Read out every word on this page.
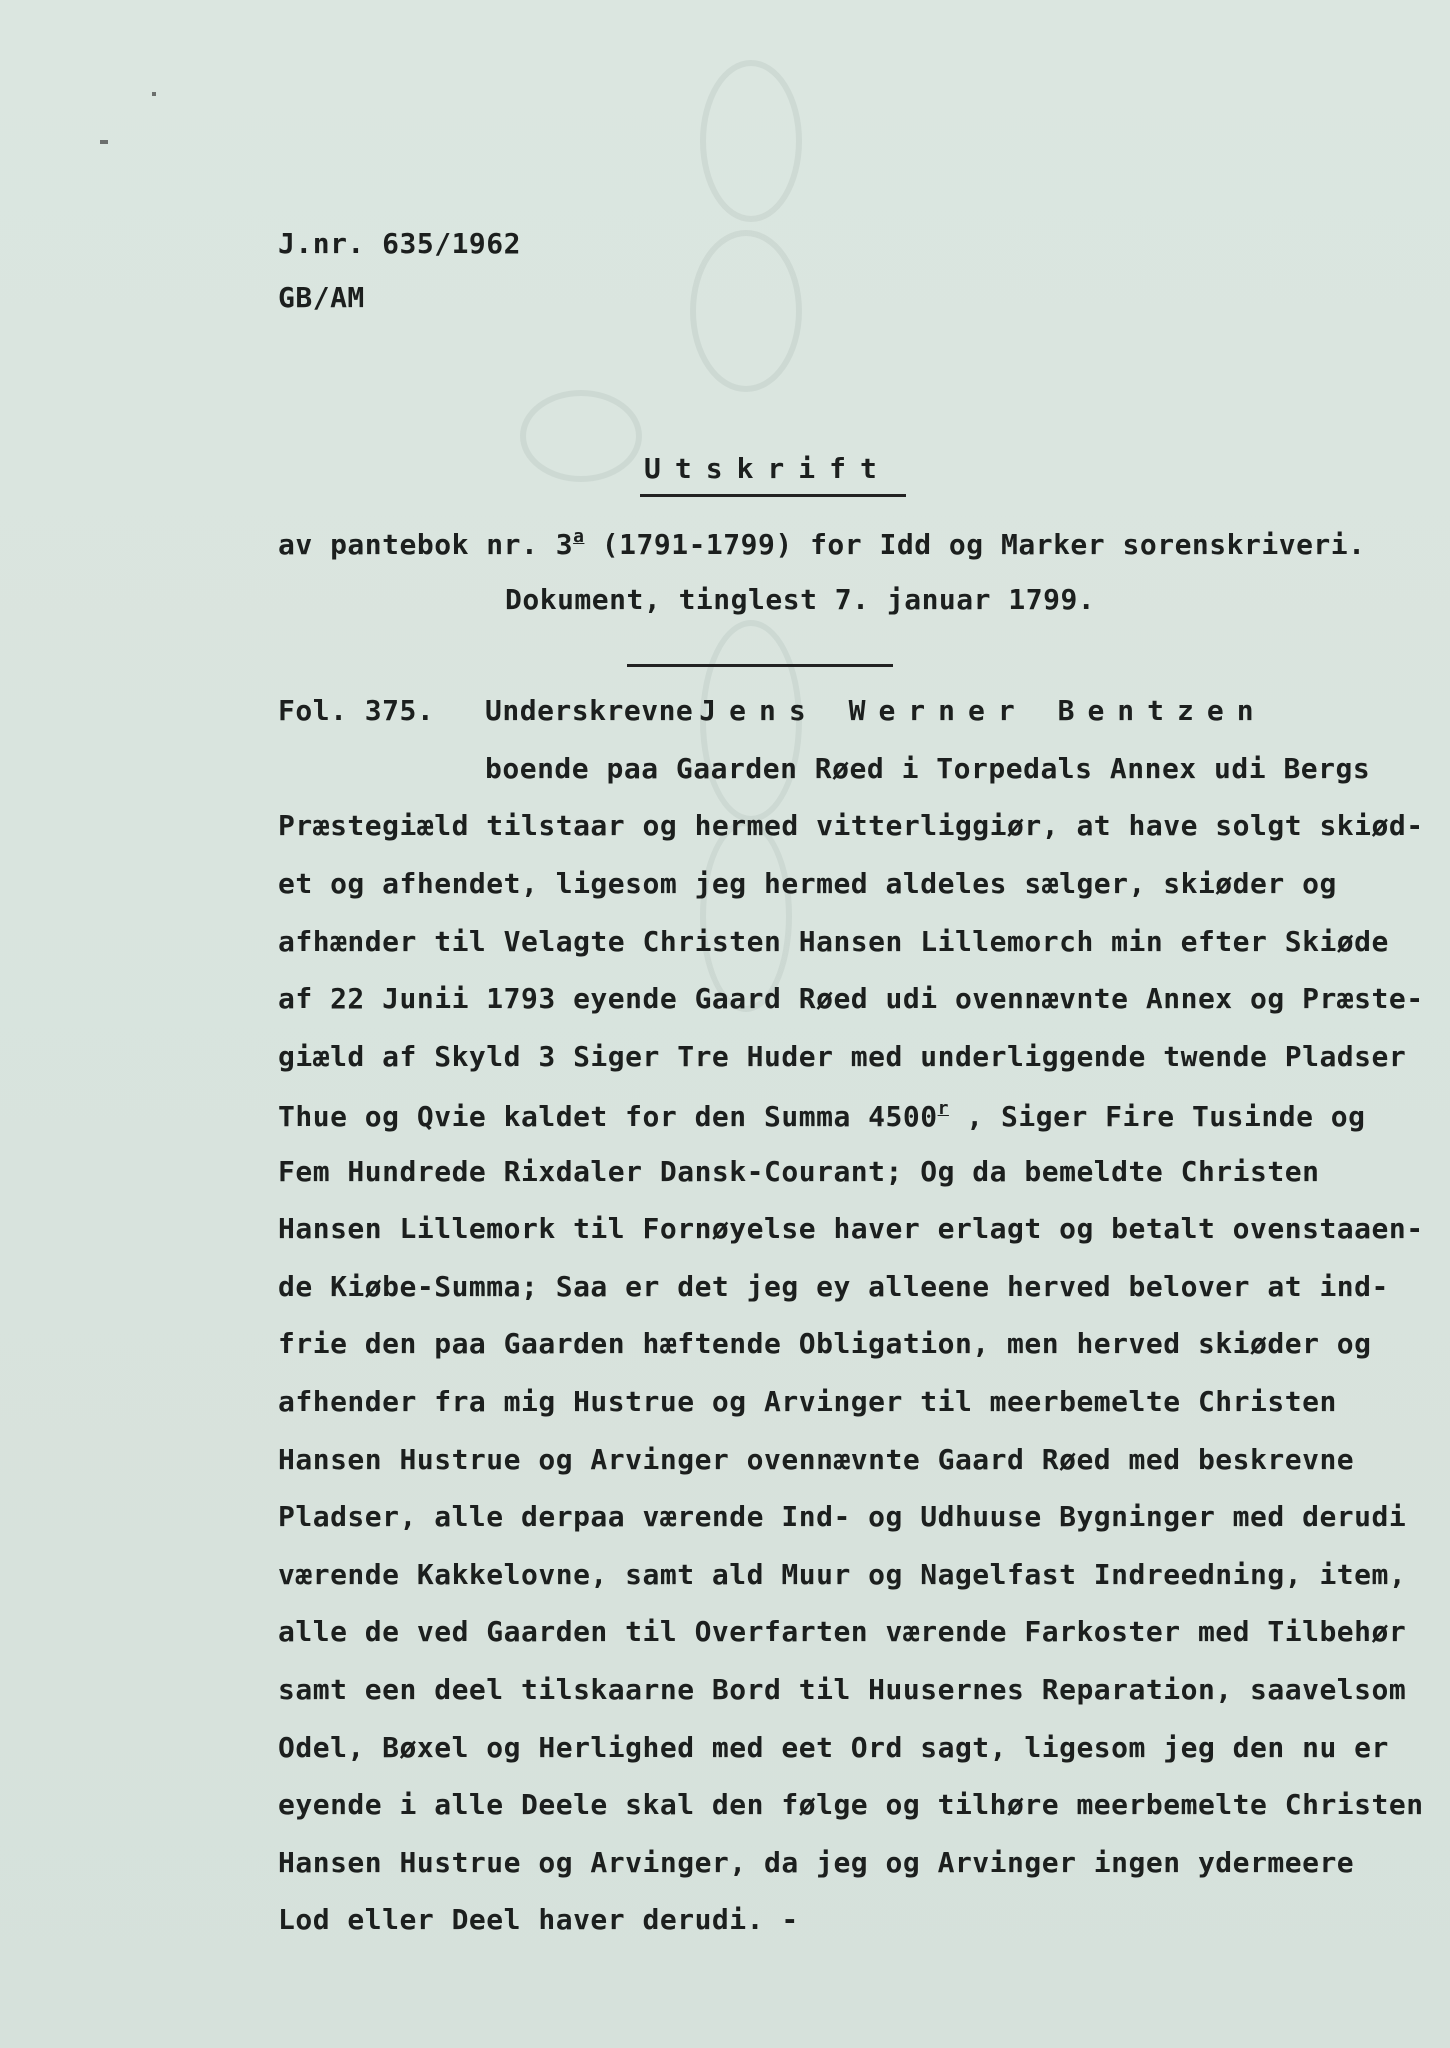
J.nr. 635/1962
GB/AM
Utskrift
av pantebok nr. 3$^a$ (1791-1799) for Idd og Marker sorenskriveri.
Dokument, tinglest 7. januar 1799.
Fol. 375. Underskrevne Jens Werner Bentzen
boende paa Gaarden Røed i Torpedals Annex udi Bergs
Præstegiæld tilstaar og hermed vitterliggiør, at have solgt skiød-
et og afhendet, ligesom jeg hermed aldeles sælger, skiøder og
afhænder til Velagte Christen Hansen Lillemorch min efter Skiøde
af 22 Junii 1793 eyende Gaard Røed udi ovennævnte Annex og Præste-
giæld af Skyld 3 Siger Tre Huder med underliggende twende Pladser
Thue og Qvie kaldet for den Summa 4500$^r$ , Siger Fire Tusinde og
Fem Hundrede Rixdaler Dansk-Courant; Og da bemeldte Christen
Hansen Lillemork til Fornøyelse haver erlagt og betalt ovenstaaen-
de Kiøbe-Summa; Saa er det jeg ey alleene herved belover at ind-
frie den paa Gaarden hæftende Obligation, men herved skiøder og
afhender fra mig Hustrue og Arvinger til meerbemelte Christen
Hansen Hustrue og Arvinger ovennævnte Gaard Røed med beskrevne
Pladser, alle derpaa værende Ind- og Udhuuse Bygninger med derudi
værende Kakkelovne, samt ald Muur og Nagelfast Indreedning, item,
alle de ved Gaarden til Overfarten værende Farkoster med Tilbehør
samt een deel tilskaarne Bord til Huusernes Reparation, saavelsom
Odel, Bøxel og Herlighed med eet Ord sagt, ligesom jeg den nu er
eyende i alle Deele skal den følge og tilhøre meerbemelte Christen
Hansen Hustrue og Arvinger, da jeg og Arvinger ingen ydermeere
Lod eller Deel haver derudi. -
